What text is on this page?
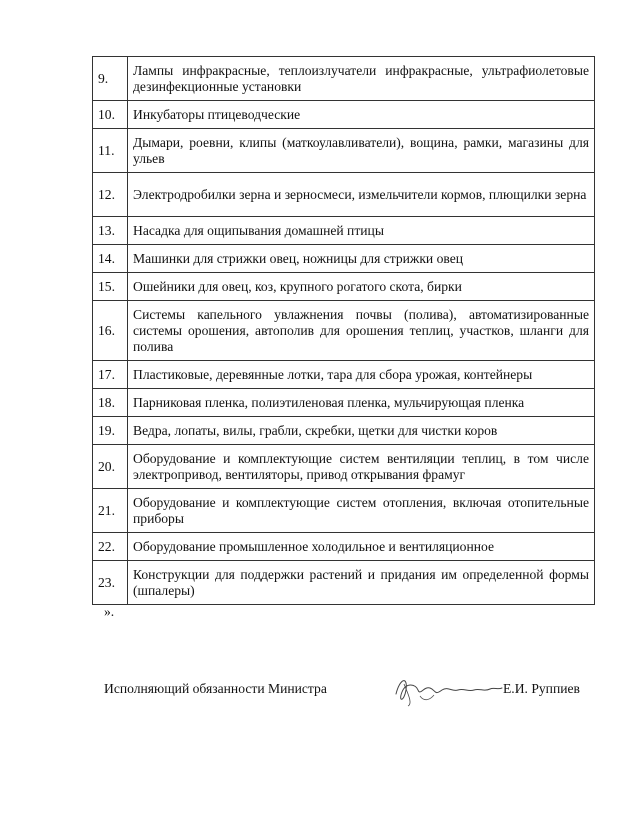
9.	Лампы инфракрасные, теплоизлучатели инфракрасные, ультрафиолетовые дезинфекционные установки
10.	Инкубаторы птицеводческие
11.	Дымари, роевни, клипы (маткоулавливатели), вощина, рамки, магазины для ульев
12.	Электродробилки зерна и зерносмеси, измельчители кормов, плющилки зерна
13.	Насадка для ощипывания домашней птицы
14.	Машинки для стрижки овец, ножницы для стрижки овец
15.	Ошейники для овец, коз, крупного рогатого скота, бирки
16.	Системы капельного увлажнения почвы (полива), автоматизированные системы орошения, автополив для орошения теплиц, участков, шланги для полива
17.	Пластиковые, деревянные лотки, тара для сбора урожая, контейнеры
18.	Парниковая пленка, полиэтиленовая пленка, мульчирующая пленка
19.	Ведра, лопаты, вилы, грабли, скребки, щетки для чистки коров
20.	Оборудование и комплектующие систем вентиляции теплиц, в том числе электропривод, вентиляторы, привод открывания фрамуг
21.	Оборудование и комплектующие систем отопления, включая отопительные приборы
22.	Оборудование промышленное холодильное и вентиляционное
23.	Конструкции для поддержки растений и придания им определенной формы (шпалеры)
».
Исполняющий обязанности Министра	Е.И. Руппиев
